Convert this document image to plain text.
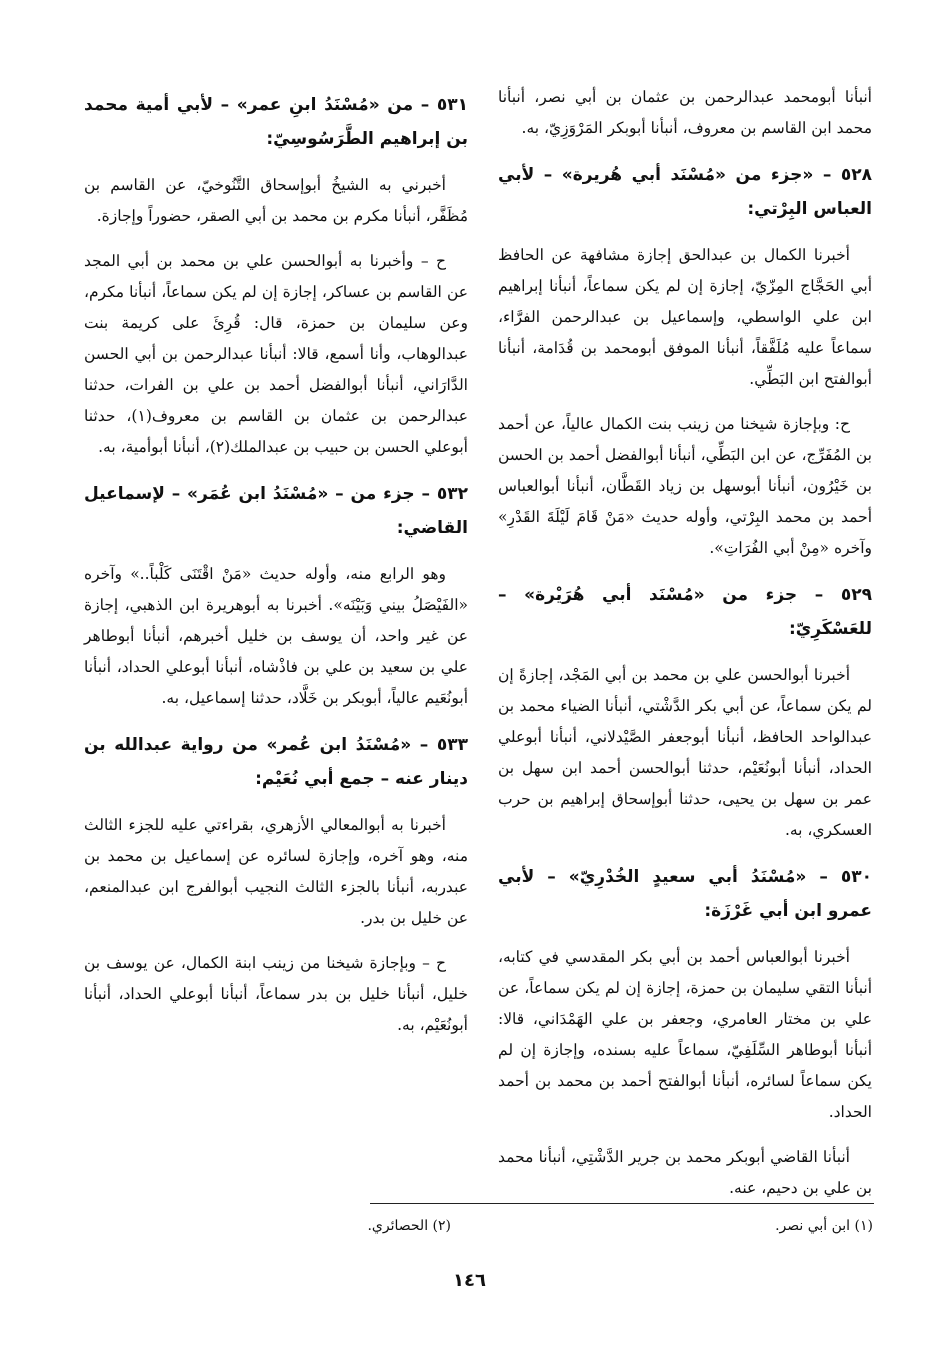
أنبأنا أبومحمد عبدالرحمن بن عثمان بن أبي نصر، أنبأنا محمد ابن القاسم بن معروف، أنبأنا أبوبكر المَرْوَزِيّ، به.

٥٢٨ – «جزء من «مُسْنَد أبي هُريرة» – لأبي العباس البِرْتي:

أخبرنا الكمال بن عبدالحق إجازة مشافهة عن الحافظ أبي الحَجَّاج المِزّيّ، إجازة إن لم يكن سماعاً، أنبأنا إبراهيم ابن علي الواسطي، وإسماعيل بن عبدالرحمن الفرَّاء، سماعاً عليه مُلَفَّقاً، أنبأنا الموفق أبومحمد بن قُدَامة، أنبأنا أبوالفتح ابن البَطِّي.

ح: وبإجازة شيخنا من زينب بنت الكمال عالياً، عن أحمد بن المُفَرِّج، عن ابن البَطِّي، أنبأنا أبوالفضل أحمد بن الحسن بن خَيْرُون، أنبأنا أبوسهل بن زياد القَطَّان، أنبأنا أبوالعباس أحمد بن محمد البِرْتي، وأوله حديث «مَنْ قَامَ لَيْلَةَ القَدْرِ» وآخره «مِنْ أبي الفُرَاتِ».

٥٢٩ – جزء من «مُسْنَد أبي هُرَيْرة» – للعَسْكَرِيّ:

أخبرنا أبوالحسن علي بن محمد بن أبي المَجْد، إجازةً إن لم يكن سماعاً، عن أبي بكر الدَّشْتي، أنبأنا الضياء محمد بن عبدالواحد الحافظ، أنبأنا أبوجعفر الصَّيْدلاني، أنبأنا أبوعلي الحداد، أنبأنا أبونُعَيْم، حدثنا أبوالحسن أحمد ابن سهل بن عمر بن سهل بن يحيى، حدثنا أبوإسحاق إبراهيم بن حرب العسكري، به.

٥٣٠ – «مُسْنَدُ أبي سعيدٍ الخُدْرِيّ» – لأبي عمرو ابن أبي غَرْزَة:

أخبرنا أبوالعباس أحمد بن أبي بكر المقدسي في كتابه، أنبأنا التقي سليمان بن حمزة، إجازة إن لم يكن سماعاً، عن علي بن مختار العامري، وجعفر بن علي الهَمْدَاني، قالا: أنبأنا أبوطاهر السِّلَفِيّ، سماعاً عليه بسنده، وإجازة إن لم يكن سماعاً لسائره، أنبأنا أبوالفتح أحمد بن محمد بن أحمد الحداد.

أنبأنا القاضي أبوبكر محمد بن جرير الدَّشْتِي، أنبأنا محمد بن علي بن دحيم، عنه.

٥٣١ – من «مُسْنَدُ ابنِ عمر» – لأبي أمية محمد بن إبراهيم الطَّرَسُوسِيّ:

أخبرني به الشيخُ أبوإسحاق التَّنُوخيّ، عن القاسم بن مُظَفَّر، أنبأنا مكرم بن محمد بن أبي الصقر، حضوراً وإجازة.

ح – وأخبرنا به أبوالحسن علي بن محمد بن أبي المجد عن القاسم بن عساكر، إجازة إن لم يكن سماعاً، أنبأنا مكرم، وعن سليمان بن حمزة، قال: قُرِئَ على كريمة بنت عبدالوهاب، وأنا أسمع، قالا: أنبأنا عبدالرحمن بن أبي الحسن الدَّارَاني، أنبأنا أبوالفضل أحمد بن علي بن الفرات، حدثنا عبدالرحمن بن عثمان بن القاسم بن معروف(١)، حدثنا أبوعلي الحسن بن حبيب بن عبدالملك(٢)، أنبأنا أبوأمية، به.

٥٣٢ – جزء من – «مُسْنَدُ ابن عُمَر» – لإسماعيل القاضي:

وهو الرابع منه، وأوله حديث «مَنْ اقْتَنَى كَلْباً..» وآخره «الفَيْصَلُ بيني وَبَيْنَه». أخبرنا به أبوهريرة ابن الذهبي، إجازة عن غير واحد، أن يوسف بن خليل أخبرهم، أنبأنا أبوطاهر علي بن سعيد بن علي بن فاذْشاه، أنبأنا أبوعلي الحداد، أنبأنا أبونُعَيم عالياً، أبوبكر بن خَلَّاد، حدثنا إسماعيل، به.

٥٣٣ – «مُسْنَدُ ابن عُمر» من رواية عبدالله بن دينار عنه – جمع أبي نُعَيْم:

أخبرنا به أبوالمعالي الأزهري، بقراءتي عليه للجزء الثالث منه، وهو آخره، وإجازة لسائره عن إسماعيل بن محمد بن عبدربه، أنبأنا بالجزء الثالث النجيب أبوالفرج ابن عبدالمنعم، عن خليل بن بدر.

ح – وبإجازة شيخنا من زينب ابنة الكمال، عن يوسف بن خليل، أنبأنا خليل بن بدر سماعاً، أنبأنا أبوعلي الحداد، أنبأنا أبونُعَيْم، به.

(١) ابن أبي نصر.
(٢) الحصائري.
١٤٦
